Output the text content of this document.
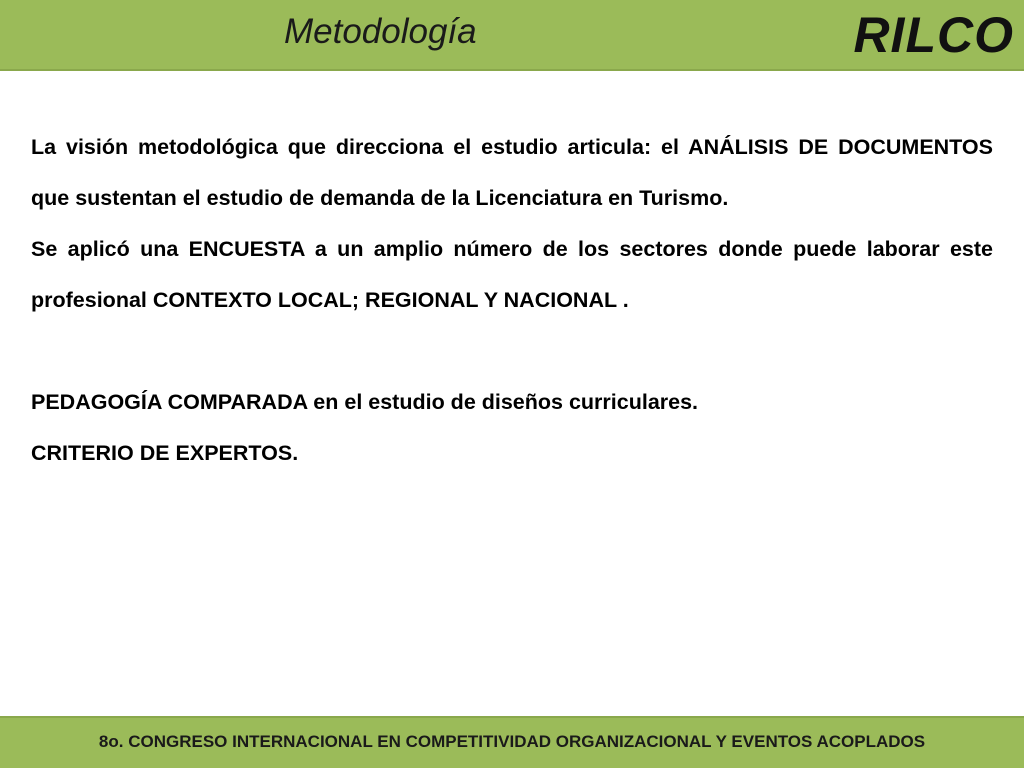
Metodología	RILCO

La visión metodológica que direcciona el estudio articula: el ANÁLISIS DE DOCUMENTOS que sustentan el estudio de demanda de la Licenciatura en Turismo.

Se aplicó una ENCUESTA a un amplio número de los sectores donde puede laborar este profesional CONTEXTO LOCAL; REGIONAL Y NACIONAL .

PEDAGOGÍA COMPARADA en el estudio de diseños curriculares.

CRITERIO DE EXPERTOS.

8o. CONGRESO INTERNACIONAL EN COMPETITIVIDAD ORGANIZACIONAL Y EVENTOS ACOPLADOS
